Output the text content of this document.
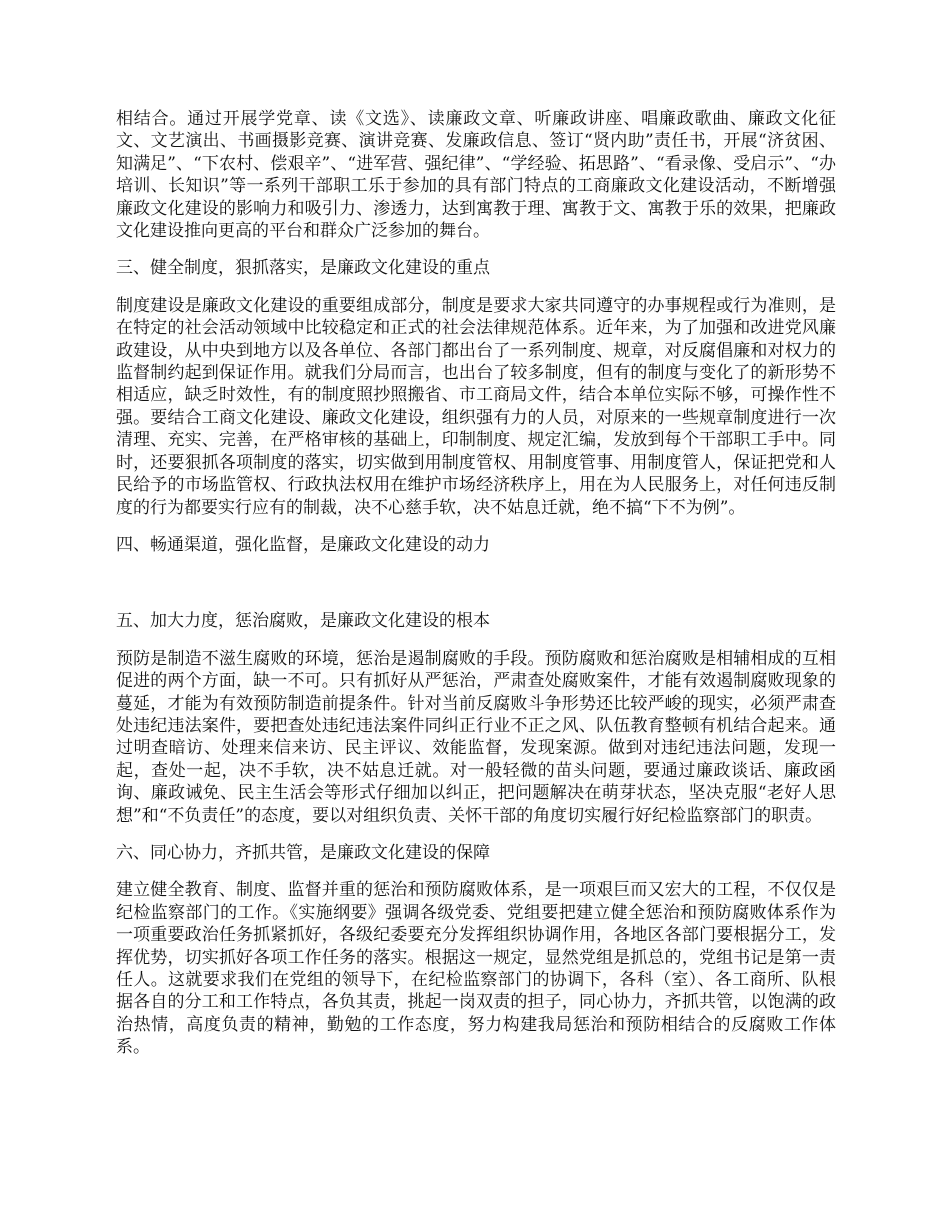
相结合。通过开展学党章、读《文选》、读廉政文章、听廉政讲座、唱廉政歌曲、廉政文化征文、文艺演出、书画摄影竞赛、演讲竞赛、发廉政信息、签订“贤内助”责任书，开展“济贫困、知满足”、“下农村、偿艰辛”、“进军营、强纪律”、“学经验、拓思路”、“看录像、受启示”、“办培训、长知识”等一系列干部职工乐于参加的具有部门特点的工商廉政文化建设活动，不断增强廉政文化建设的影响力和吸引力、渗透力，达到寓教于理、寓教于文、寓教于乐的效果，把廉政文化建设推向更高的平台和群众广泛参加的舞台。

三、健全制度，狠抓落实，是廉政文化建设的重点

制度建设是廉政文化建设的重要组成部分，制度是要求大家共同遵守的办事规程或行为准则，是在特定的社会活动领域中比较稳定和正式的社会法律规范体系。近年来，为了加强和改进党风廉政建设，从中央到地方以及各单位、各部门都出台了一系列制度、规章，对反腐倡廉和对权力的监督制约起到保证作用。就我们分局而言，也出台了较多制度，但有的制度与变化了的新形势不相适应，缺乏时效性，有的制度照抄照搬省、市工商局文件，结合本单位实际不够，可操作性不强。要结合工商文化建设、廉政文化建设，组织强有力的人员，对原来的一些规章制度进行一次清理、充实、完善，在严格审核的基础上，印制制度、规定汇编，发放到每个干部职工手中。同时，还要狠抓各项制度的落实，切实做到用制度管权、用制度管事、用制度管人，保证把党和人民给予的市场监管权、行政执法权用在维护市场经济秩序上，用在为人民服务上，对任何违反制度的行为都要实行应有的制裁，决不心慈手软，决不姑息迁就，绝不搞“下不为例”。

四、畅通渠道，强化监督，是廉政文化建设的动力

五、加大力度，惩治腐败，是廉政文化建设的根本

预防是制造不滋生腐败的环境，惩治是遏制腐败的手段。预防腐败和惩治腐败是相辅相成的互相促进的两个方面，缺一不可。只有抓好从严惩治，严肃查处腐败案件，才能有效遏制腐败现象的蔓延，才能为有效预防制造前提条件。针对当前反腐败斗争形势还比较严峻的现实，必须严肃查处违纪违法案件，要把查处违纪违法案件同纠正行业不正之风、队伍教育整顿有机结合起来。通过明查暗访、处理来信来访、民主评议、效能监督，发现案源。做到对违纪违法问题，发现一起，查处一起，决不手软，决不姑息迁就。对一般轻微的苗头问题，要通过廉政谈话、廉政函询、廉政诫免、民主生活会等形式仔细加以纠正，把问题解决在萌芽状态，坚决克服“老好人思想”和“不负责任”的态度，要以对组织负责、关怀干部的角度切实履行好纪检监察部门的职责。

六、同心协力，齐抓共管，是廉政文化建设的保障

建立健全教育、制度、监督并重的惩治和预防腐败体系，是一项艰巨而又宏大的工程，不仅仅是纪检监察部门的工作。《实施纲要》强调各级党委、党组要把建立健全惩治和预防腐败体系作为一项重要政治任务抓紧抓好，各级纪委要充分发挥组织协调作用，各地区各部门要根据分工，发挥优势，切实抓好各项工作任务的落实。根据这一规定，显然党组是抓总的，党组书记是第一责任人。这就要求我们在党组的领导下，在纪检监察部门的协调下，各科（室）、各工商所、队根据各自的分工和工作特点，各负其责，挑起一岗双责的担子，同心协力，齐抓共管，以饱满的政治热情，高度负责的精神，勤勉的工作态度，努力构建我局惩治和预防相结合的反腐败工作体系。
